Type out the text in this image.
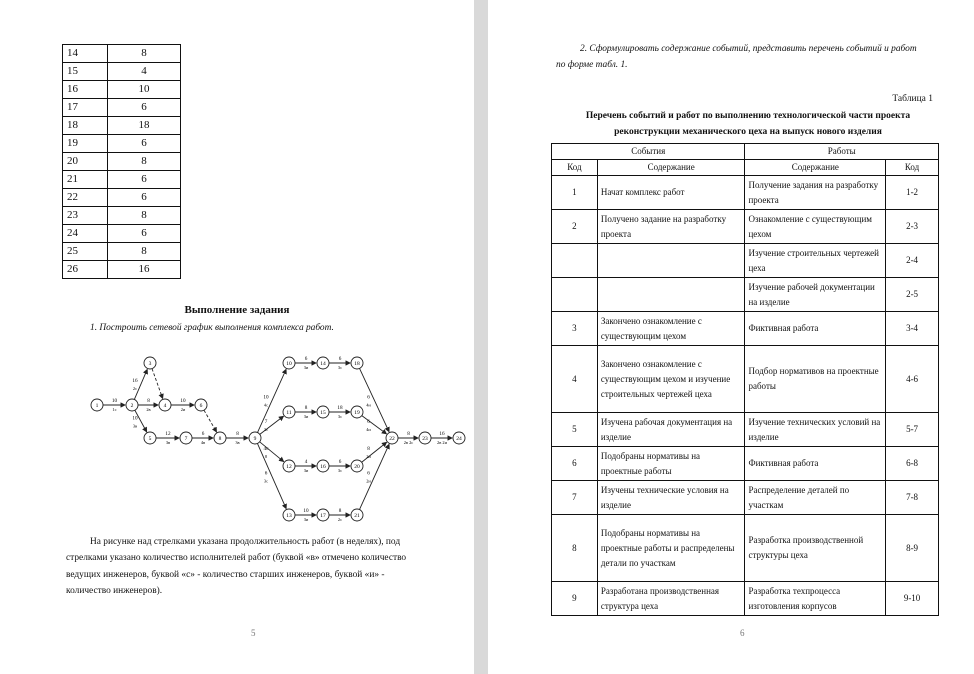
14	8
15	4
16	10
17	6
18	18
19	6
20	8
21	6
22	6
23	8
24	6
25	8
26	16
Выполнение задания
1. Построить сетевой график выполнения комплекса работ.
10
1с
16
2с
8
2в
10
3в
10
2и
12
3в
6
4в
8
3в
10
4с
7
3с
4с
8
6
3с
6
3и
6
3с
8
3и
18
3с
4
3и
6
3с
10
3и
8
2с
6
4и
6
4и
8
2и
6
2и
8
2в 2с
16
2в 2и
1	2
3
4
5
6
7	8	9
10
11
12
13
14
15
16
17
18
19
20
21
22	23	24
На рисунке над стрелками указана продолжительность работ (в неделях), под
стрелками указано количество исполнителей работ (буквой «в» отмечено количество
ведущих инженеров, буквой «с» - количество старших инженеров, буквой «и» -
количество инженеров).
5
2. Сформулировать содержание событий, представить перечень событий и работ
по форме табл. 1.
Таблица 1
Перечень событий и работ по выполнению технологической части проекта
реконструкции механического цеха на выпуск нового изделия
События		Работы	
Код	Содержание	Содержание	Код
1	Начат комплекс работ	Получение задания на разработку проекта	1-2
2	Получено задание на разработку проекта	Ознакомление с существующим цехом	2-3
		Изучение строительных чертежей цеха	2-4
		Изучение рабочей документации на изделие	2-5
3	Закончено ознакомление с существующим цехом	Фиктивная работа	3-4
4	Закончено ознакомление с существующим цехом и изучение строительных чертежей цеха	Подбор нормативов на проектные работы	4-6
5	Изучена рабочая документация на изделие	Изучение технических условий на изделие	5-7
6	Подобраны нормативы на проектные работы	Фиктивная работа	6-8
7	Изучены технические условия на изделие	Распределение деталей по участкам	7-8
8	Подобраны нормативы на проектные работы и распределены детали по участкам	Разработка производственной структуры цеха	8-9
9	Разработана производственная структура цеха	Разработка техпроцесса изготовления корпусов	9-10
6
